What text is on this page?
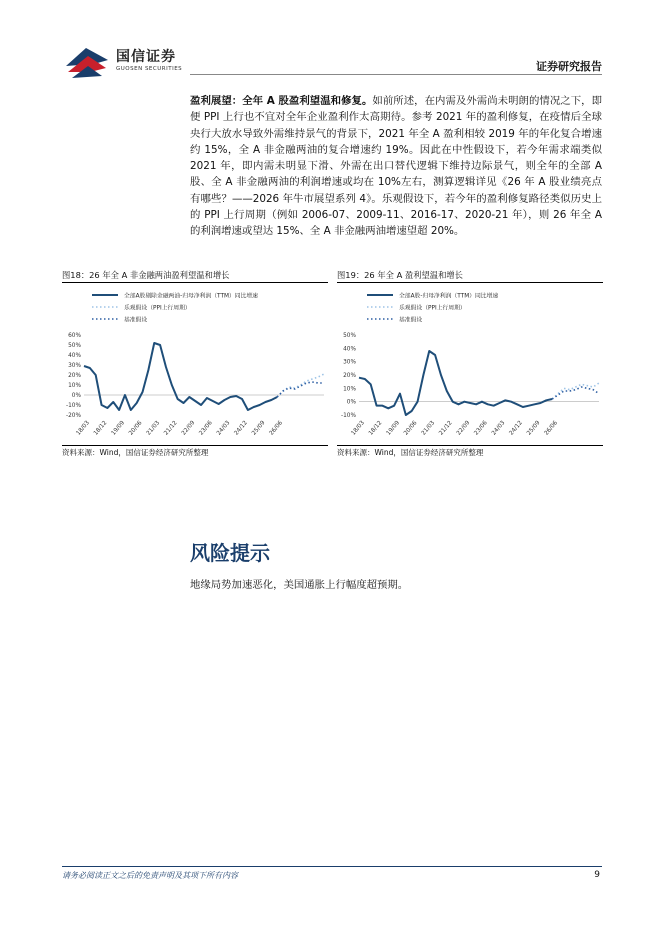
国信证券
GUOSEN SECURITIES	证券研究报告
盈利展望：全年 A 股盈利望温和修复。如前所述，在内需及外需尚未明朗的情况之下，即便 PPI 上行也不宜对全年企业盈利作太高期待。参考 2021 年的盈利修复，在疫情后全球央行大放水导致外需维持景气的背景下，2021 年全 A 盈利相较 2019 年的年化复合增速约 15%，全 A 非金融两油的复合增速约 19%。因此在中性假设下，若今年需求端类似 2021 年，即内需未明显下滑、外需在出口替代逻辑下维持边际景气，则全年的全部 A 股、全 A 非金融两油的利润增速或均在 10%左右，测算逻辑详见《26 年 A 股业绩亮点有哪些？——2026 年牛市展望系列 4》。乐观假设下，若今年的盈利修复路径类似历史上的 PPI 上行周期（例如 2006-07、2009-11、2016-17、2020-21 年），则 26 年全 A 的利润增速或望达 15%、全 A 非金融两油增速望超 20%。
图18：26 年全 A 非金融两油盈利望温和增长
全部A股剔除金融两油-归母净利润（TTM）同比增速
乐观假设（PPI上行周期）
基准假设
-20%
-10%
0%
10%
20%
30%
40%
50%
60%
18/03 18/12 19/09 20/06 21/03 21/12 22/09 23/06 24/03 24/12 25/09 26/06
资料来源：Wind，国信证券经济研究所整理
图19：26 年全 A 盈利望温和增长
全部A股-归母净利润（TTM）同比增速
乐观假设（PPI上行周期）
基准假设
-10%
0%
10%
20%
30%
40%
50%
18/03 18/12 19/09 20/06 21/03 21/12 22/09 23/06 24/03 24/12 25/09 26/06
资料来源：Wind，国信证券经济研究所整理
风险提示
地缘局势加速恶化，美国通胀上行幅度超预期。
请务必阅读正文之后的免责声明及其项下所有内容	9
